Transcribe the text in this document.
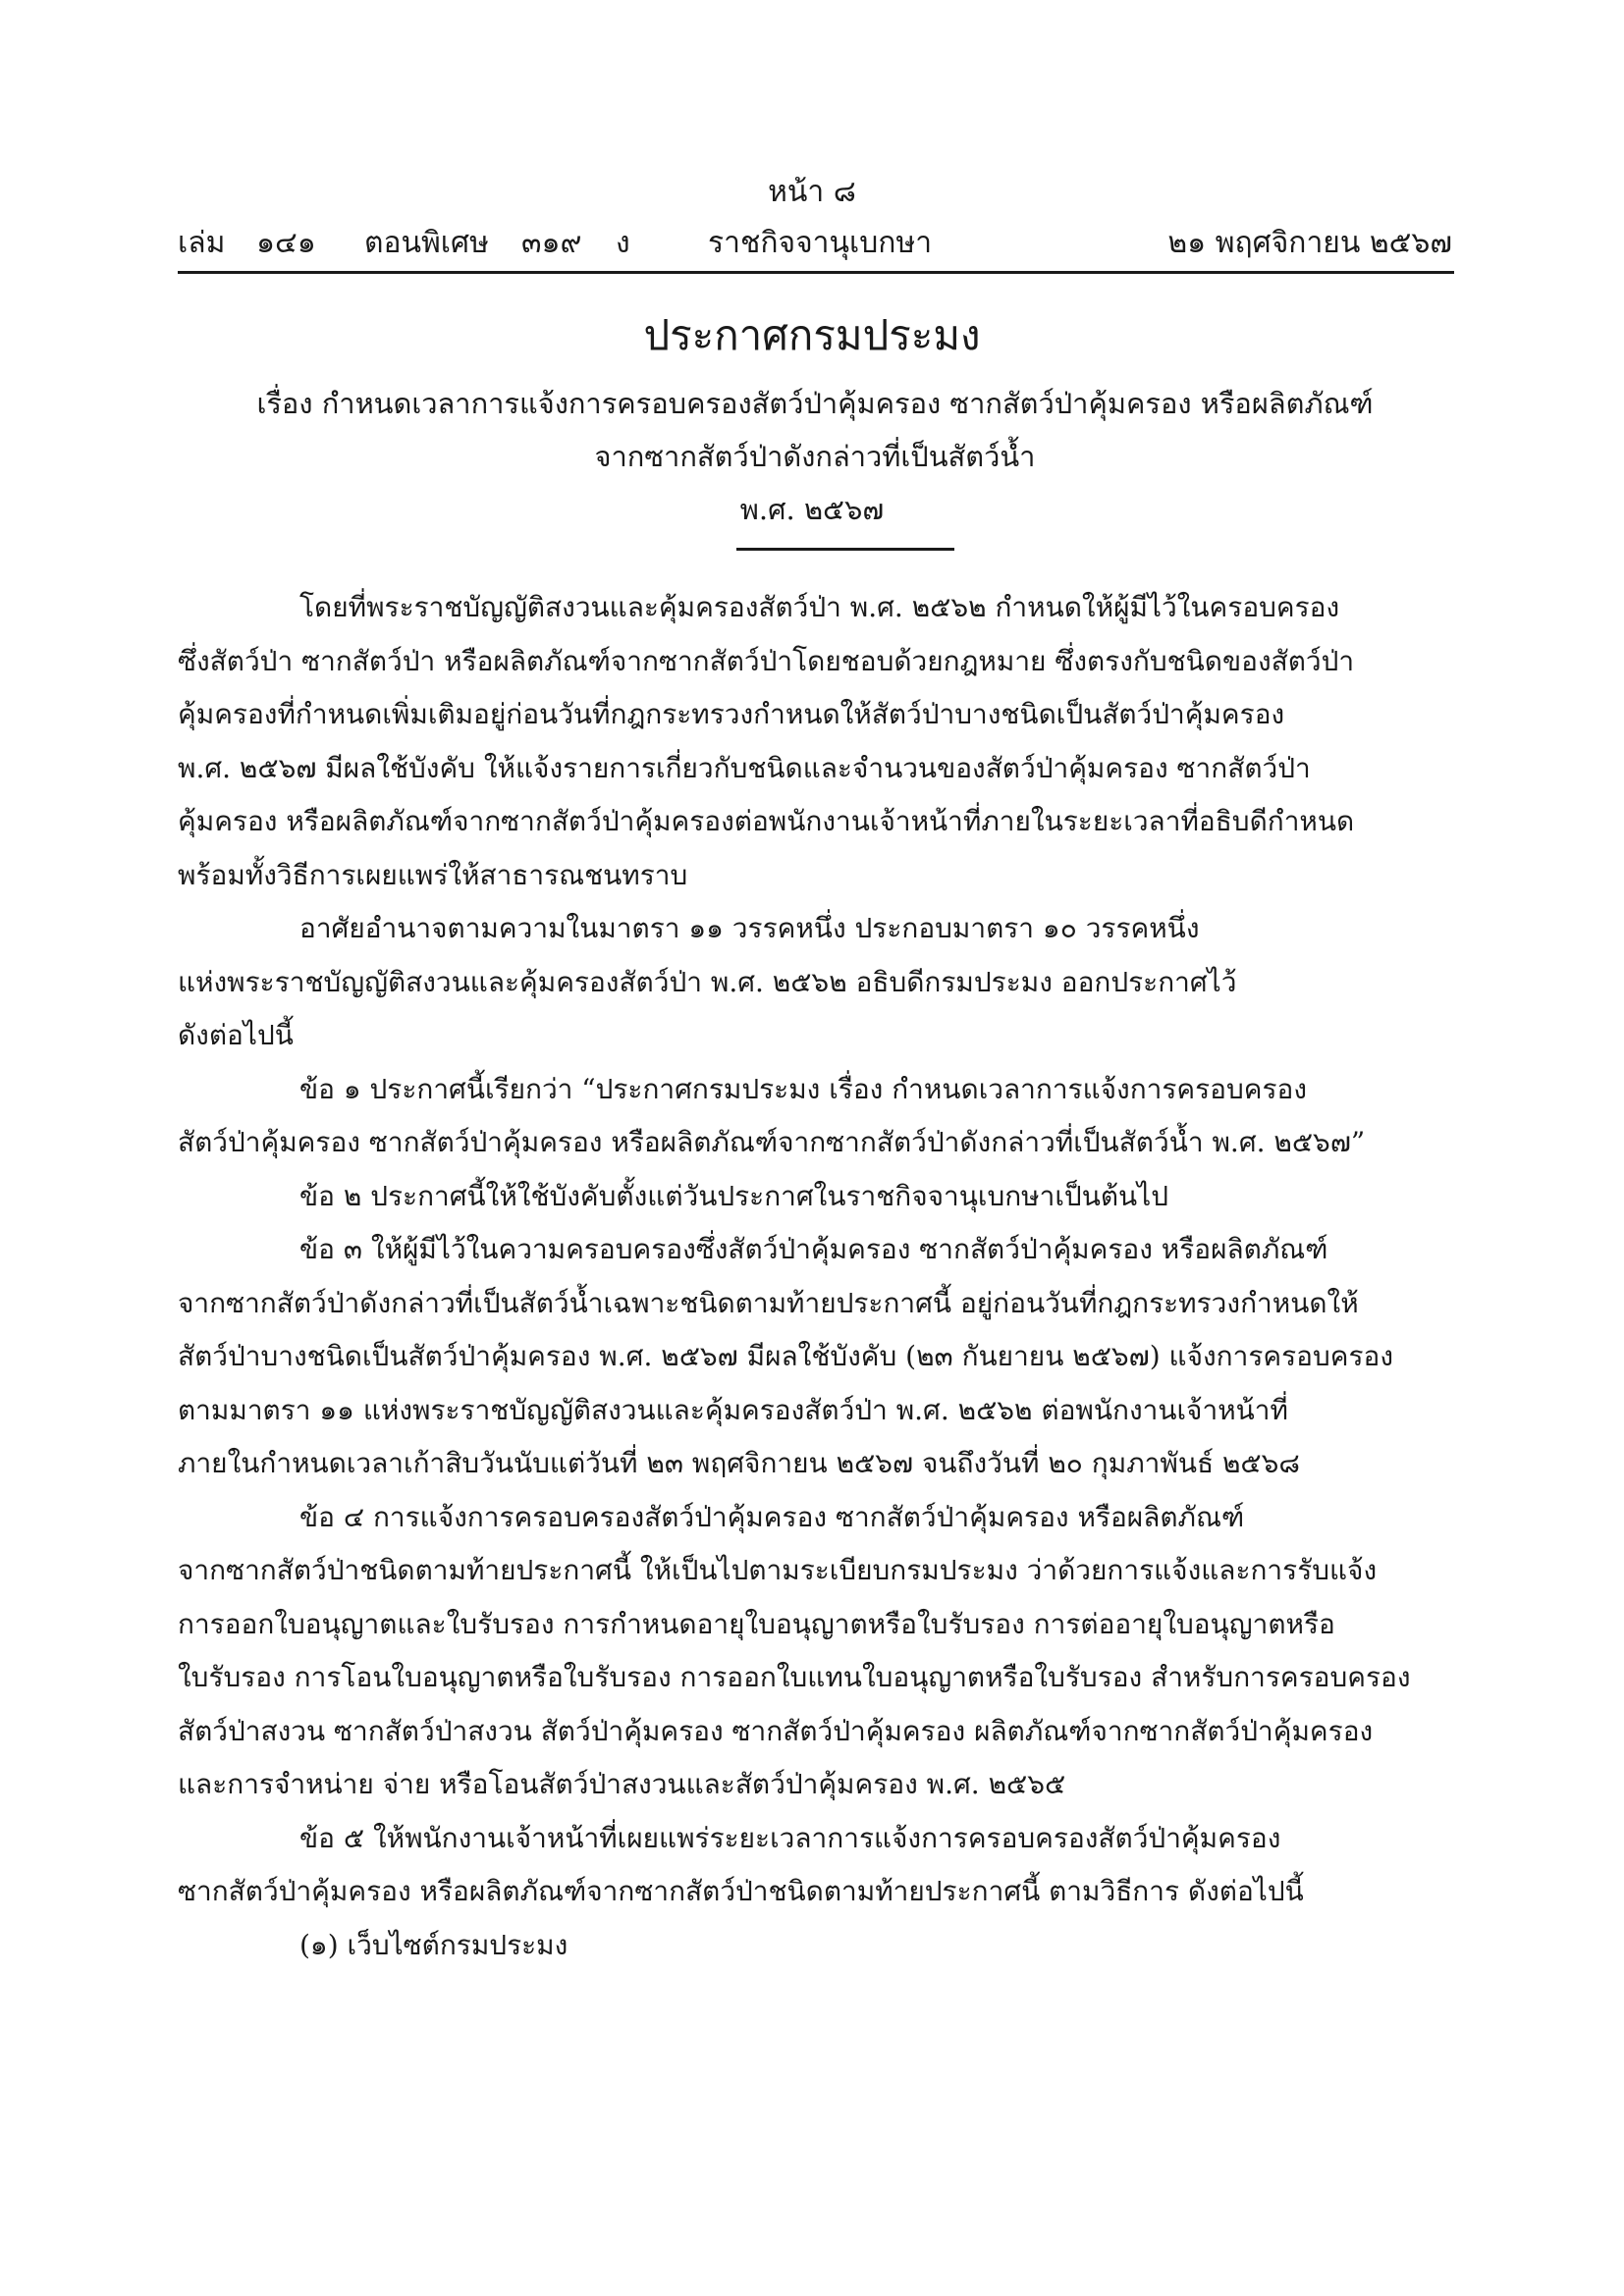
หน้า ๘
เล่ม ๑๔๑ ตอนพิเศษ ๓๑๙ ง	ราชกิจจานุเบกษา	๒๑ พฤศจิกายน ๒๕๖๗
ประกาศกรมประมง
เรื่อง กำหนดเวลาการแจ้งการครอบครองสัตว์ป่าคุ้มครอง ซากสัตว์ป่าคุ้มครอง หรือผลิตภัณฑ์
จากซากสัตว์ป่าดังกล่าวที่เป็นสัตว์น้ำ
พ.ศ. ๒๕๖๗

โดยที่พระราชบัญญัติสงวนและคุ้มครองสัตว์ป่า พ.ศ. ๒๕๖๒ กำหนดให้ผู้มีไว้ในครอบครอง
ซึ่งสัตว์ป่า ซากสัตว์ป่า หรือผลิตภัณฑ์จากซากสัตว์ป่าโดยชอบด้วยกฎหมาย ซึ่งตรงกับชนิดของสัตว์ป่า
คุ้มครองที่กำหนดเพิ่มเติมอยู่ก่อนวันที่กฎกระทรวงกำหนดให้สัตว์ป่าบางชนิดเป็นสัตว์ป่าคุ้มครอง
พ.ศ. ๒๕๖๗ มีผลใช้บังคับ ให้แจ้งรายการเกี่ยวกับชนิดและจำนวนของสัตว์ป่าคุ้มครอง ซากสัตว์ป่า
คุ้มครอง หรือผลิตภัณฑ์จากซากสัตว์ป่าคุ้มครองต่อพนักงานเจ้าหน้าที่ภายในระยะเวลาที่อธิบดีกำหนด
พร้อมทั้งวิธีการเผยแพร่ให้สาธารณชนทราบ

อาศัยอำนาจตามความในมาตรา ๑๑ วรรคหนึ่ง ประกอบมาตรา ๑๐ วรรคหนึ่ง
แห่งพระราชบัญญัติสงวนและคุ้มครองสัตว์ป่า พ.ศ. ๒๕๖๒ อธิบดีกรมประมง ออกประกาศไว้
ดังต่อไปนี้

ข้อ ๑ ประกาศนี้เรียกว่า “ประกาศกรมประมง เรื่อง กำหนดเวลาการแจ้งการครอบครอง
สัตว์ป่าคุ้มครอง ซากสัตว์ป่าคุ้มครอง หรือผลิตภัณฑ์จากซากสัตว์ป่าดังกล่าวที่เป็นสัตว์น้ำ พ.ศ. ๒๕๖๗”

ข้อ ๒ ประกาศนี้ให้ใช้บังคับตั้งแต่วันประกาศในราชกิจจานุเบกษาเป็นต้นไป

ข้อ ๓ ให้ผู้มีไว้ในความครอบครองซึ่งสัตว์ป่าคุ้มครอง ซากสัตว์ป่าคุ้มครอง หรือผลิตภัณฑ์
จากซากสัตว์ป่าดังกล่าวที่เป็นสัตว์น้ำเฉพาะชนิดตามท้ายประกาศนี้ อยู่ก่อนวันที่กฎกระทรวงกำหนดให้
สัตว์ป่าบางชนิดเป็นสัตว์ป่าคุ้มครอง พ.ศ. ๒๕๖๗ มีผลใช้บังคับ (๒๓ กันยายน ๒๕๖๗) แจ้งการครอบครอง
ตามมาตรา ๑๑ แห่งพระราชบัญญัติสงวนและคุ้มครองสัตว์ป่า พ.ศ. ๒๕๖๒ ต่อพนักงานเจ้าหน้าที่
ภายในกำหนดเวลาเก้าสิบวันนับแต่วันที่ ๒๓ พฤศจิกายน ๒๕๖๗ จนถึงวันที่ ๒๐ กุมภาพันธ์ ๒๕๖๘

ข้อ ๔ การแจ้งการครอบครองสัตว์ป่าคุ้มครอง ซากสัตว์ป่าคุ้มครอง หรือผลิตภัณฑ์
จากซากสัตว์ป่าชนิดตามท้ายประกาศนี้ ให้เป็นไปตามระเบียบกรมประมง ว่าด้วยการแจ้งและการรับแจ้ง
การออกใบอนุญาตและใบรับรอง การกำหนดอายุใบอนุญาตหรือใบรับรอง การต่ออายุใบอนุญาตหรือ
ใบรับรอง การโอนใบอนุญาตหรือใบรับรอง การออกใบแทนใบอนุญาตหรือใบรับรอง สำหรับการครอบครอง
สัตว์ป่าสงวน ซากสัตว์ป่าสงวน สัตว์ป่าคุ้มครอง ซากสัตว์ป่าคุ้มครอง ผลิตภัณฑ์จากซากสัตว์ป่าคุ้มครอง
และการจำหน่าย จ่าย หรือโอนสัตว์ป่าสงวนและสัตว์ป่าคุ้มครอง พ.ศ. ๒๕๖๕

ข้อ ๕ ให้พนักงานเจ้าหน้าที่เผยแพร่ระยะเวลาการแจ้งการครอบครองสัตว์ป่าคุ้มครอง
ซากสัตว์ป่าคุ้มครอง หรือผลิตภัณฑ์จากซากสัตว์ป่าชนิดตามท้ายประกาศนี้ ตามวิธีการ ดังต่อไปนี้

(๑) เว็บไซต์กรมประมง
